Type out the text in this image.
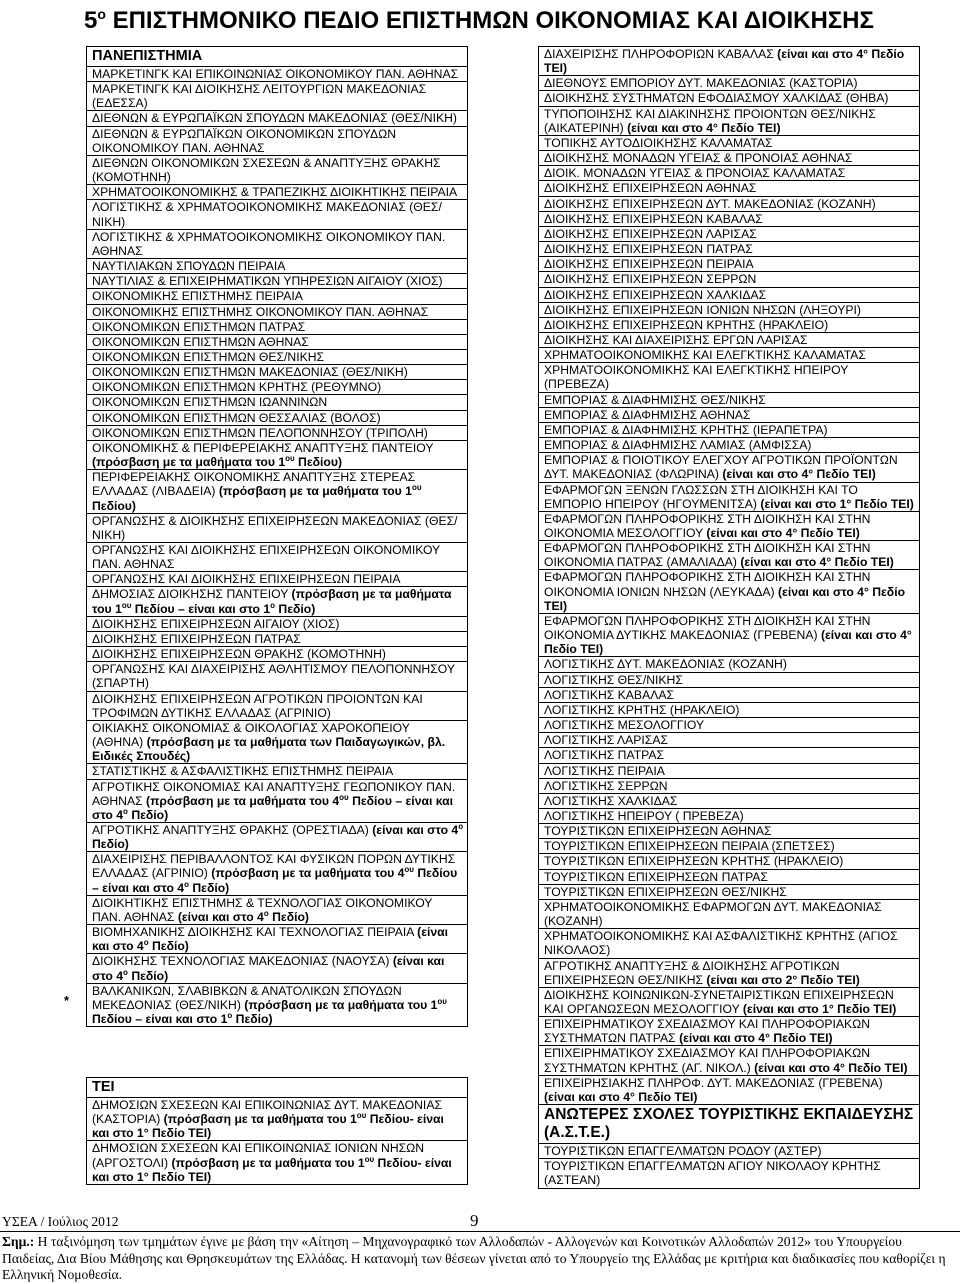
$5^o$ ΕΠΙΣΤΗΜΟΝΙΚΟ ΠΕΔΙΟ ΕΠΙΣΤΗΜΩΝ ΟΙΚΟΝΟΜΙΑΣ ΚΑΙ ΔΙΟΙΚΗΣΗΣ
ΠΑΝΕΠΙΣΤΗΜΙΑ
ΜΑΡΚΕΤΙΝΓΚ ΚΑΙ ΕΠΙΚΟΙΝΩΝΙΑΣ ΟΙΚΟΝΟΜΙΚΟΥ ΠΑΝ. ΑΘΗΝΑΣ
ΜΑΡΚΕΤΙΝΓΚ ΚΑΙ ΔΙΟΙΚΗΣΗΣ ΛΕΙΤΟΥΡΓΙΩΝ ΜΑΚΕΔΟΝΙΑΣ (ΕΔΕΣΣΑ)
ΔΙΕΘΝΩΝ & ΕΥΡΩΠΑΪΚΩΝ ΣΠΟΥΔΩΝ ΜΑΚΕΔΟΝΙΑΣ (ΘΕΣ/ΝΙΚΗ)
ΔΙΕΘΝΩΝ & ΕΥΡΩΠΑΪΚΩΝ ΟΙΚΟΝΟΜΙΚΩΝ ΣΠΟΥΔΩΝ ΟΙΚΟΝΟΜΙΚΟΥ ΠΑΝ. ΑΘΗΝΑΣ
ΔΙΕΘΝΩΝ ΟΙΚΟΝΟΜΙΚΩΝ ΣΧΕΣΕΩΝ & ΑΝΑΠΤΥΞΗΣ ΘΡΑΚΗΣ (ΚΟΜΟΤΗΝΗ)
ΧΡΗΜΑΤΟΟΙΚΟΝΟΜΙΚΗΣ & ΤΡΑΠΕΖΙΚΗΣ ΔΙΟΙΚΗΤΙΚΗΣ ΠΕΙΡΑΙΑ
ΛΟΓΙΣΤΙΚΗΣ & ΧΡΗΜΑΤΟΟΙΚΟΝΟΜΙΚΗΣ ΜΑΚΕΔΟΝΙΑΣ (ΘΕΣ/ΝΙΚΗ)
ΛΟΓΙΣΤΙΚΗΣ & ΧΡΗΜΑΤΟΟΙΚΟΝΟΜΙΚΗΣ ΟΙΚΟΝΟΜΙΚΟΥ ΠΑΝ. ΑΘΗΝΑΣ
ΝΑΥΤΙΛΙΑΚΩΝ ΣΠΟΥΔΩΝ ΠΕΙΡΑΙΑ
ΝΑΥΤΙΛΙΑΣ & ΕΠΙΧΕΙΡΗΜΑΤΙΚΩΝ ΥΠΗΡΕΣΙΩΝ ΑΙΓΑΙΟΥ (ΧΙΟΣ)
ΟΙΚΟΝΟΜΙΚΗΣ ΕΠΙΣΤΗΜΗΣ ΠΕΙΡΑΙΑ
ΟΙΚΟΝΟΜΙΚΗΣ ΕΠΙΣΤΗΜΗΣ ΟΙΚΟΝΟΜΙΚΟΥ ΠΑΝ. ΑΘΗΝΑΣ
ΟΙΚΟΝΟΜΙΚΩΝ ΕΠΙΣΤΗΜΩΝ ΠΑΤΡΑΣ
ΟΙΚΟΝΟΜΙΚΩΝ ΕΠΙΣΤΗΜΩΝ ΑΘΗΝΑΣ
ΟΙΚΟΝΟΜΙΚΩΝ ΕΠΙΣΤΗΜΩΝ ΘΕΣ/ΝΙΚΗΣ
ΟΙΚΟΝΟΜΙΚΩΝ ΕΠΙΣΤΗΜΩΝ ΜΑΚΕΔΟΝΙΑΣ (ΘΕΣ/ΝΙΚΗ)
ΟΙΚΟΝΟΜΙΚΩΝ ΕΠΙΣΤΗΜΩΝ ΚΡΗΤΗΣ (ΡΕΘΥΜΝΟ)
ΟΙΚΟΝΟΜΙΚΩΝ ΕΠΙΣΤΗΜΩΝ ΙΩΑΝΝΙΝΩΝ
ΟΙΚΟΝΟΜΙΚΩΝ ΕΠΙΣΤΗΜΩΝ ΘΕΣΣΑΛΙΑΣ (ΒΟΛΟΣ)
ΟΙΚΟΝΟΜΙΚΩΝ ΕΠΙΣΤΗΜΩΝ ΠΕΛΟΠΟΝΝΗΣΟΥ (ΤΡΙΠΟΛΗ)
ΟΙΚΟΝΟΜΙΚΗΣ & ΠΕΡΙΦΕΡΕΙΑΚΗΣ ΑΝΑΠΤΥΞΗΣ ΠΑΝΤΕΙΟΥ (πρόσβαση με τα μαθήματα του $1^{o\upsilon}$ Πεδίου)
ΠΕΡΙΦΕΡΕΙΑΚΗΣ ΟΙΚΟΝΟΜΙΚΗΣ ΑΝΑΠΤΥΞΗΣ ΣΤΕΡΕΑΣ ΕΛΛΑΔΑΣ (ΛΙΒΑΔΕΙΑ) (πρόσβαση με τα μαθήματα του $1^{o\upsilon}$ Πεδίου)
ΟΡΓΑΝΩΣΗΣ & ΔΙΟΙΚΗΣΗΣ ΕΠΙΧΕΙΡΗΣΕΩΝ ΜΑΚΕΔΟΝΙΑΣ (ΘΕΣ/ΝΙΚΗ)
ΟΡΓΑΝΩΣΗΣ ΚΑΙ ΔΙΟΙΚΗΣΗΣ ΕΠΙΧΕΙΡΗΣΕΩΝ ΟΙΚΟΝΟΜΙΚΟΥ ΠΑΝ. ΑΘΗΝΑΣ
ΟΡΓΑΝΩΣΗΣ ΚΑΙ ΔΙΟΙΚΗΣΗΣ ΕΠΙΧΕΙΡΗΣΕΩΝ ΠΕΙΡΑΙΑ
ΔΗΜΟΣΙΑΣ ΔΙΟΙΚΗΣΗΣ ΠΑΝΤΕΙΟΥ (πρόσβαση με τα μαθήματα του $1^{o\upsilon}$ Πεδίου – είναι και στο $1^o$ Πεδίο)
ΔΙΟΙΚΗΣΗΣ ΕΠΙΧΕΙΡΗΣΕΩΝ ΑΙΓΑΙΟΥ (ΧΙΟΣ)
ΔΙΟΙΚΗΣΗΣ ΕΠΙΧΕΙΡΗΣΕΩΝ ΠΑΤΡΑΣ
ΔΙΟΙΚΗΣΗΣ ΕΠΙΧΕΙΡΗΣΕΩΝ ΘΡΑΚΗΣ (ΚΟΜΟΤΗΝΗ)
ΟΡΓΑΝΩΣΗΣ ΚΑΙ ΔΙΑΧΕΙΡΙΣΗΣ ΑΘΛΗΤΙΣΜΟΥ ΠΕΛΟΠΟΝΝΗΣΟΥ (ΣΠΑΡΤΗ)
ΔΙΟΙΚΗΣΗΣ ΕΠΙΧΕΙΡΗΣΕΩΝ ΑΓΡΟΤΙΚΩΝ ΠΡΟΙΟΝΤΩΝ ΚΑΙ ΤΡΟΦΙΜΩΝ ΔΥΤΙΚΗΣ ΕΛΛΑΔΑΣ (ΑΓΡΙΝΙΟ)
ΟΙΚΙΑΚΗΣ ΟΙΚΟΝΟΜΙΑΣ & ΟΙΚΟΛΟΓΙΑΣ ΧΑΡΟΚΟΠΕΙΟΥ (ΑΘΗΝΑ) (πρόσβαση με τα μαθήματα των Παιδαγωγικών, βλ. Ειδικές Σπουδές)
ΣΤΑΤΙΣΤΙΚΗΣ & ΑΣΦΑΛΙΣΤΙΚΗΣ ΕΠΙΣΤΗΜΗΣ ΠΕΙΡΑΙΑ
ΑΓΡΟΤΙΚΗΣ ΟΙΚΟΝΟΜΙΑΣ ΚΑΙ ΑΝΑΠΤΥΞΗΣ ΓΕΩΠΟΝΙΚΟΥ ΠΑΝ. ΑΘΗΝΑΣ (πρόσβαση με τα μαθήματα του $4^{o\upsilon}$ Πεδίου – είναι και στο $4^o$ Πεδίο)
ΑΓΡΟΤΙΚΗΣ ΑΝΑΠΤΥΞΗΣ ΘΡΑΚΗΣ (ΟΡΕΣΤΙΑΔΑ) (είναι και στο $4^o$ Πεδίο)
ΔΙΑΧΕΙΡΙΣΗΣ ΠΕΡΙΒΑΛΛΟΝΤΟΣ ΚΑΙ ΦΥΣΙΚΩΝ ΠΟΡΩΝ ΔΥΤΙΚΗΣ ΕΛΛΑΔΑΣ (ΑΓΡΙΝΙΟ) (πρόσβαση με τα μαθήματα του $4^{o\upsilon}$ Πεδίου – είναι και στο $4^o$ Πεδίο)
ΔΙΟΙΚΗΤΙΚΗΣ ΕΠΙΣΤΗΜΗΣ & ΤΕΧΝΟΛΟΓΙΑΣ ΟΙΚΟΝΟΜΙΚΟΥ ΠΑΝ. ΑΘΗΝΑΣ (είναι και στο $4^o$ Πεδίο)
ΒΙΟΜΗΧΑΝΙΚΗΣ ΔΙΟΙΚΗΣΗΣ ΚΑΙ ΤΕΧΝΟΛΟΓΙΑΣ ΠΕΙΡΑΙΑ (είναι και στο $4^o$ Πεδίο)
ΔΙΟΙΚΗΣΗΣ ΤΕΧΝΟΛΟΓΙΑΣ ΜΑΚΕΔΟΝΙΑΣ (ΝΑΟΥΣΑ) (είναι και στο $4^o$ Πεδίο)
ΒΑΛΚΑΝΙΚΩΝ, ΣΛΑΒΙΒΚΩΝ & ΑΝΑΤΟΛΙΚΩΝ ΣΠΟΥΔΩΝ ΜΕΚΕΔΟΝΙΑΣ (ΘΕΣ/ΝΙΚΗ) (πρόσβαση με τα μαθήματα του $1^{o\upsilon}$ Πεδίου – είναι και στο $1^o$ Πεδίο)
*
ΤΕΙ
ΔΗΜΟΣΙΩΝ ΣΧΕΣΕΩΝ ΚΑΙ ΕΠΙΚΟΙΝΩΝΙΑΣ ΔΥΤ. ΜΑΚΕΔΟΝΙΑΣ (ΚΑΣΤΟΡΙΑ) (πρόσβαση με τα μαθήματα του $1^{o\upsilon}$ Πεδίου- είναι και στο 1° Πεδίο ΤΕΙ)
ΔΗΜΟΣΙΩΝ ΣΧΕΣΕΩΝ ΚΑΙ ΕΠΙΚΟΙΝΩΝΙΑΣ ΙΟΝΙΩΝ ΝΗΣΩΝ (ΑΡΓΟΣΤΟΛΙ) (πρόσβαση με τα μαθήματα του $1^{o\upsilon}$ Πεδίου- είναι και στο 1° Πεδίο ΤΕΙ)
ΔΙΑΧΕΙΡΙΣΗΣ ΠΛΗΡΟΦΟΡΙΩΝ ΚΑΒΑΛΑΣ (είναι και στο 4° Πεδίο ΤΕΙ)
ΔΙΕΘΝΟΥΣ ΕΜΠΟΡΙΟΥ ΔΥΤ. ΜΑΚΕΔΟΝΙΑΣ (ΚΑΣΤΟΡΙΑ)
ΔΙΟΙΚΗΣΗΣ ΣΥΣΤΗΜΑΤΩΝ ΕΦΟΔΙΑΣΜΟΥ ΧΑΛΚΙΔΑΣ (ΘΗΒΑ)
ΤΥΠΟΠΟΙΗΣΗΣ ΚΑΙ ΔΙΑΚΙΝΗΣΗΣ ΠΡΟΙΟΝΤΩΝ ΘΕΣ/ΝΙΚΗΣ (ΑΙΚΑΤΕΡΙΝΗ) (είναι και στο 4° Πεδίο ΤΕΙ)
ΤΟΠΙΚΗΣ ΑΥΤΟΔΙΟΙΚΗΣΗΣ ΚΑΛΑΜΑΤΑΣ
ΔΙΟΙΚΗΣΗΣ ΜΟΝΑΔΩΝ ΥΓΕΙΑΣ & ΠΡΟΝΟΙΑΣ ΑΘΗΝΑΣ
ΔΙΟΙΚ. ΜΟΝΑΔΩΝ ΥΓΕΙΑΣ & ΠΡΟΝΟΙΑΣ ΚΑΛΑΜΑΤΑΣ
ΔΙΟΙΚΗΣΗΣ ΕΠΙΧΕΙΡΗΣΕΩΝ ΑΘΗΝΑΣ
ΔΙΟΙΚΗΣΗΣ ΕΠΙΧΕΙΡΗΣΕΩΝ ΔΥΤ. ΜΑΚΕΔΟΝΙΑΣ (ΚΟΖΑΝΗ)
ΔΙΟΙΚΗΣΗΣ ΕΠΙΧΕΙΡΗΣΕΩΝ ΚΑΒΑΛΑΣ
ΔΙΟΙΚΗΣΗΣ ΕΠΙΧΕΙΡΗΣΕΩΝ ΛΑΡΙΣΑΣ
ΔΙΟΙΚΗΣΗΣ ΕΠΙΧΕΙΡΗΣΕΩΝ ΠΑΤΡΑΣ
ΔΙΟΙΚΗΣΗΣ ΕΠΙΧΕΙΡΗΣΕΩΝ ΠΕΙΡΑΙΑ
ΔΙΟΙΚΗΣΗΣ ΕΠΙΧΕΙΡΗΣΕΩΝ ΣΕΡΡΩΝ
ΔΙΟΙΚΗΣΗΣ ΕΠΙΧΕΙΡΗΣΕΩΝ ΧΑΛΚΙΔΑΣ
ΔΙΟΙΚΗΣΗΣ ΕΠΙΧΕΙΡΗΣΕΩΝ ΙΟΝΙΩΝ ΝΗΣΩΝ (ΛΗΞΟΥΡΙ)
ΔΙΟΙΚΗΣΗΣ ΕΠΙΧΕΙΡΗΣΕΩΝ ΚΡΗΤΗΣ (ΗΡΑΚΛΕΙΟ)
ΔΙΟΙΚΗΣΗΣ ΚΑΙ ΔΙΑΧΕΙΡΙΣΗΣ ΕΡΓΩΝ ΛΑΡΙΣΑΣ
ΧΡΗΜΑΤΟΟΙΚΟΝΟΜΙΚΗΣ ΚΑΙ ΕΛΕΓΚΤΙΚΗΣ ΚΑΛΑΜΑΤΑΣ
ΧΡΗΜΑΤΟΟΙΚΟΝΟΜΙΚΗΣ ΚΑΙ ΕΛΕΓΚΤΙΚΗΣ ΗΠΕΙΡΟΥ (ΠΡΕΒΕΖΑ)
ΕΜΠΟΡΙΑΣ & ΔΙΑΦΗΜΙΣΗΣ ΘΕΣ/ΝΙΚΗΣ
ΕΜΠΟΡΙΑΣ & ΔΙΑΦΗΜΙΣΗΣ ΑΘΗΝΑΣ
ΕΜΠΟΡΙΑΣ & ΔΙΑΦΗΜΙΣΗΣ ΚΡΗΤΗΣ (ΙΕΡΑΠΕΤΡΑ)
ΕΜΠΟΡΙΑΣ & ΔΙΑΦΗΜΙΣΗΣ ΛΑΜΙΑΣ (ΑΜΦΙΣΣΑ)
ΕΜΠΟΡΙΑΣ & ΠΟΙΟΤΙΚΟΥ ΕΛΕΓΧΟΥ ΑΓΡΟΤΙΚΩΝ ΠΡΟΪΟΝΤΩΝ ΔΥΤ. ΜΑΚΕΔΟΝΙΑΣ (ΦΛΩΡΙΝΑ) (είναι και στο 4° Πεδίο ΤΕΙ)
ΕΦΑΡΜΟΓΩΝ ΞΕΝΩΝ ΓΛΩΣΣΩΝ ΣΤΗ ΔΙΟΙΚΗΣΗ ΚΑΙ ΤΟ ΕΜΠΟΡΙΟ ΗΠΕΙΡΟΥ (ΗΓΟΥΜΕΝΙΤΣΑ) (είναι και στο 1° Πεδίο ΤΕΙ)
ΕΦΑΡΜΟΓΩΝ ΠΛΗΡΟΦΟΡΙΚΗΣ ΣΤΗ ΔΙΟΙΚΗΣΗ ΚΑΙ ΣΤΗΝ ΟΙΚΟΝΟΜΙΑ ΜΕΣΟΛΟΓΓΙΟΥ (είναι και στο 4° Πεδίο ΤΕΙ)
ΕΦΑΡΜΟΓΩΝ ΠΛΗΡΟΦΟΡΙΚΗΣ ΣΤΗ ΔΙΟΙΚΗΣΗ ΚΑΙ ΣΤΗΝ ΟΙΚΟΝΟΜΙΑ ΠΑΤΡΑΣ (ΑΜΑΛΙΑΔΑ) (είναι και στο 4° Πεδίο ΤΕΙ)
ΕΦΑΡΜΟΓΩΝ ΠΛΗΡΟΦΟΡΙΚΗΣ ΣΤΗ ΔΙΟΙΚΗΣΗ ΚΑΙ ΣΤΗΝ ΟΙΚΟΝΟΜΙΑ ΙΟΝΙΩΝ ΝΗΣΩΝ (ΛΕΥΚΑΔΑ) (είναι και στο 4° Πεδίο ΤΕΙ)
ΕΦΑΡΜΟΓΩΝ ΠΛΗΡΟΦΟΡΙΚΗΣ ΣΤΗ ΔΙΟΙΚΗΣΗ ΚΑΙ ΣΤΗΝ ΟΙΚΟΝΟΜΙΑ ΔΥΤΙΚΗΣ ΜΑΚΕΔΟΝΙΑΣ (ΓΡΕΒΕΝΑ) (είναι και στο 4° Πεδίο ΤΕΙ)
ΛΟΓΙΣΤΙΚΗΣ ΔΥΤ. ΜΑΚΕΔΟΝΙΑΣ (ΚΟΖΑΝΗ)
ΛΟΓΙΣΤΙΚΗΣ ΘΕΣ/ΝΙΚΗΣ
ΛΟΓΙΣΤΙΚΗΣ ΚΑΒΑΛΑΣ
ΛΟΓΙΣΤΙΚΗΣ ΚΡΗΤΗΣ (ΗΡΑΚΛΕΙΟ)
ΛΟΓΙΣΤΙΚΗΣ ΜΕΣΟΛΟΓΓΙΟΥ
ΛΟΓΙΣΤΙΚΗΣ ΛΑΡΙΣΑΣ
ΛΟΓΙΣΤΙΚΗΣ ΠΑΤΡΑΣ
ΛΟΓΙΣΤΙΚΗΣ ΠΕΙΡΑΙΑ
ΛΟΓΙΣΤΙΚΗΣ ΣΕΡΡΩΝ
ΛΟΓΙΣΤΙΚΗΣ ΧΑΛΚΙΔΑΣ
ΛΟΓΙΣΤΙΚΗΣ ΗΠΕΙΡΟΥ ( ΠΡΕΒΕΖΑ)
ΤΟΥΡΙΣΤΙΚΩΝ ΕΠΙΧΕΙΡΗΣΕΩΝ ΑΘΗΝΑΣ
ΤΟΥΡΙΣΤΙΚΩΝ ΕΠΙΧΕΙΡΗΣΕΩΝ ΠΕΙΡΑΙΑ (ΣΠΕΤΣΕΣ)
ΤΟΥΡΙΣΤΙΚΩΝ ΕΠΙΧΕΙΡΗΣΕΩΝ ΚΡΗΤΗΣ (ΗΡΑΚΛΕΙΟ)
ΤΟΥΡΙΣΤΙΚΩΝ ΕΠΙΧΕΙΡΗΣΕΩΝ ΠΑΤΡΑΣ
ΤΟΥΡΙΣΤΙΚΩΝ ΕΠΙΧΕΙΡΗΣΕΩΝ ΘΕΣ/ΝΙΚΗΣ
ΧΡΗΜΑΤΟΟΙΚΟΝΟΜΙΚΗΣ ΕΦΑΡΜΟΓΩΝ ΔΥΤ. ΜΑΚΕΔΟΝΙΑΣ (ΚΟΖΑΝΗ)
ΧΡΗΜΑΤΟΟΙΚΟΝΟΜΙΚΗΣ ΚΑΙ ΑΣΦΑΛΙΣΤΙΚΗΣ ΚΡΗΤΗΣ (ΑΓΙΟΣ ΝΙΚΟΛΑΟΣ)
ΑΓΡΟΤΙΚΗΣ ΑΝΑΠΤΥΞΗΣ & ΔΙΟΙΚΗΣΗΣ ΑΓΡΟΤΙΚΩΝ ΕΠΙΧΕΙΡΗΣΕΩΝ ΘΕΣ/ΝΙΚΗΣ (είναι και στο 2° Πεδίο ΤΕΙ)
ΔΙΟΙΚΗΣΗΣ ΚΟΙΝΩΝΙΚΩΝ-ΣΥΝΕΤΑΙΡΙΣΤΙΚΩΝ ΕΠΙΧΕΙΡΗΣΕΩΝ ΚΑΙ ΟΡΓΑΝΩΣΕΩΝ ΜΕΣΟΛΟΓΓΙΟΥ (είναι και στο 1° Πεδίο ΤΕΙ)
ΕΠΙΧΕΙΡΗΜΑΤΙΚΟΥ ΣΧΕΔΙΑΣΜΟΥ ΚΑΙ ΠΛΗΡΟΦΟΡΙΑΚΩΝ ΣΥΣΤΗΜΑΤΩΝ ΠΑΤΡΑΣ (είναι και στο 4° Πεδίο ΤΕΙ)
ΕΠΙΧΕΙΡΗΜΑΤΙΚΟΥ ΣΧΕΔΙΑΣΜΟΥ ΚΑΙ ΠΛΗΡΟΦΟΡΙΑΚΩΝ ΣΥΣΤΗΜΑΤΩΝ ΚΡΗΤΗΣ (ΑΓ. ΝΙΚΟΛ.) (είναι και στο 4° Πεδίο ΤΕΙ)
ΕΠΙΧΕΙΡΗΣΙΑΚΗΣ ΠΛΗΡΟΦ. ΔΥΤ. ΜΑΚΕΔΟΝΙΑΣ (ΓΡΕΒΕΝΑ) (είναι και στο 4° Πεδίο ΤΕΙ)
ΑΝΩΤΕΡΕΣ ΣΧΟΛΕΣ ΤΟΥΡΙΣΤΙΚΗΣ ΕΚΠΑΙΔΕΥΣΗΣ (Α.Σ.Τ.Ε.)
ΤΟΥΡΙΣΤΙΚΩΝ ΕΠΑΓΓΕΛΜΑΤΩΝ ΡΟΔΟΥ (ΑΣΤΕΡ)
ΤΟΥΡΙΣΤΙΚΩΝ ΕΠΑΓΓΕΛΜΑΤΩΝ ΑΓΙΟΥ ΝΙΚΟΛΑΟΥ ΚΡΗΤΗΣ (ΑΣΤΕΑΝ)
ΥΣΕΑ / Ιούλιος 2012	9
Σημ.: Η ταξινόμηση των τμημάτων έγινε με βάση την «Αίτηση – Μηχανογραφικό των Αλλοδαπών - Αλλογενών και Κοινοτικών Αλλοδαπών 2012» του Υπουργείου Παιδείας, Δια Βίου Μάθησης και Θρησκευμάτων της Ελλάδας. Η κατανομή των θέσεων γίνεται από το Υπουργείο της Ελλάδας με κριτήρια και διαδικασίες που καθορίζει η Ελληνική Νομοθεσία.
